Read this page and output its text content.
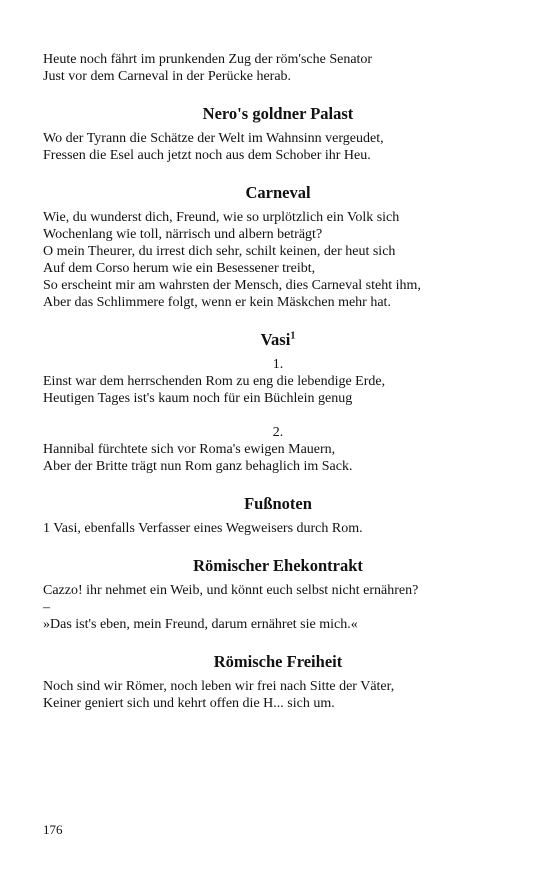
Heute noch fährt im prunkenden Zug der röm'sche Senator
Just vor dem Carneval in der Perücke herab.
Nero's goldner Palast
Wo der Tyrann die Schätze der Welt im Wahnsinn vergeudet,
Fressen die Esel auch jetzt noch aus dem Schober ihr Heu.
Carneval
Wie, du wunderst dich, Freund, wie so urplötzlich ein Volk sich
Wochenlang wie toll, närrisch und albern beträgt?
O mein Theurer, du irrest dich sehr, schilt keinen, der heut sich
Auf dem Corso herum wie ein Besessener treibt,
So erscheint mir am wahrsten der Mensch, dies Carneval steht ihm,
Aber das Schlimmere folgt, wenn er kein Mäskchen mehr hat.
Vasi$^1$
1.
Einst war dem herrschenden Rom zu eng die lebendige Erde,
Heutigen Tages ist's kaum noch für ein Büchlein genug
2.
Hannibal fürchtete sich vor Roma's ewigen Mauern,
Aber der Britte trägt nun Rom ganz behaglich im Sack.
Fußnoten
1 Vasi, ebenfalls Verfasser eines Wegweisers durch Rom.
Römischer Ehekontrakt
Cazzo! ihr nehmet ein Weib, und könnt euch selbst nicht ernähren?
–
»Das ist's eben, mein Freund, darum ernähret sie mich.«
Römische Freiheit
Noch sind wir Römer, noch leben wir frei nach Sitte der Väter,
Keiner geniert sich und kehrt offen die H... sich um.
176
